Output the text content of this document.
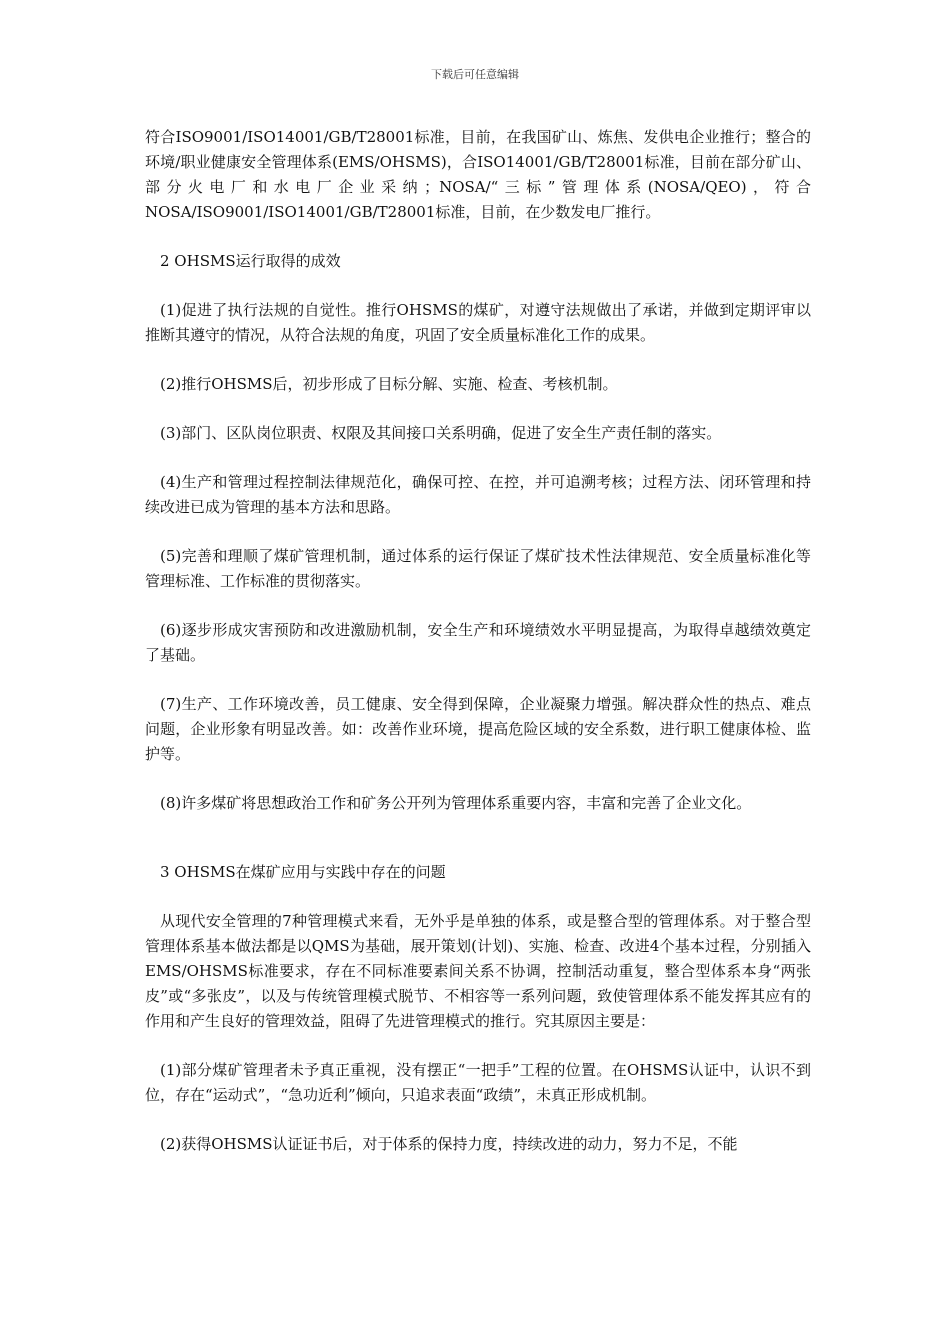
下载后可任意编辑

符合ISO9001/ISO14001/GB/T28001标准，目前，在我国矿山、炼焦、发供电企业推行；整合的环境/职业健康安全管理体系(EMS/OHSMS)，合ISO14001/GB/T28001标准，目前在部分矿山、部分火电厂和水电厂企业采纳；NOSA/“三标”管理体系(NOSA/QEO)，符合NOSA/ISO9001/ISO14001/GB/T28001标准，目前，在少数发电厂推行。

2 OHSMS运行取得的成效

(1)促进了执行法规的自觉性。推行OHSMS的煤矿，对遵守法规做出了承诺，并做到定期评审以推断其遵守的情况，从符合法规的角度，巩固了安全质量标准化工作的成果。

(2)推行OHSMS后，初步形成了目标分解、实施、检查、考核机制。

(3)部门、区队岗位职责、权限及其间接口关系明确，促进了安全生产责任制的落实。

(4)生产和管理过程控制法律规范化，确保可控、在控，并可追溯考核；过程方法、闭环管理和持续改进已成为管理的基本方法和思路。

(5)完善和理顺了煤矿管理机制，通过体系的运行保证了煤矿技术性法律规范、安全质量标准化等管理标准、工作标准的贯彻落实。

(6)逐步形成灾害预防和改进激励机制，安全生产和环境绩效水平明显提高，为取得卓越绩效奠定了基础。

(7)生产、工作环境改善，员工健康、安全得到保障，企业凝聚力增强。解决群众性的热点、难点问题，企业形象有明显改善。如：改善作业环境，提高危险区域的安全系数，进行职工健康体检、监护等。

(8)许多煤矿将思想政治工作和矿务公开列为管理体系重要内容，丰富和完善了企业文化。

3 OHSMS在煤矿应用与实践中存在的问题

从现代安全管理的7种管理模式来看，无外乎是单独的体系，或是整合型的管理体系。对于整合型管理体系基本做法都是以QMS为基础，展开策划(计划)、实施、检查、改进4个基本过程，分别插入EMS/OHSMS标准要求，存在不同标准要素间关系不协调，控制活动重复，整合型体系本身“两张皮”或“多张皮”，以及与传统管理模式脱节、不相容等一系列问题，致使管理体系不能发挥其应有的作用和产生良好的管理效益，阻碍了先进管理模式的推行。究其原因主要是：

(1)部分煤矿管理者未予真正重视，没有摆正“一把手”工程的位置。在OHSMS认证中，认识不到位，存在“运动式”，“急功近利”倾向，只追求表面“政绩”，未真正形成机制。

(2)获得OHSMS认证证书后，对于体系的保持力度，持续改进的动力，努力不足，不能
